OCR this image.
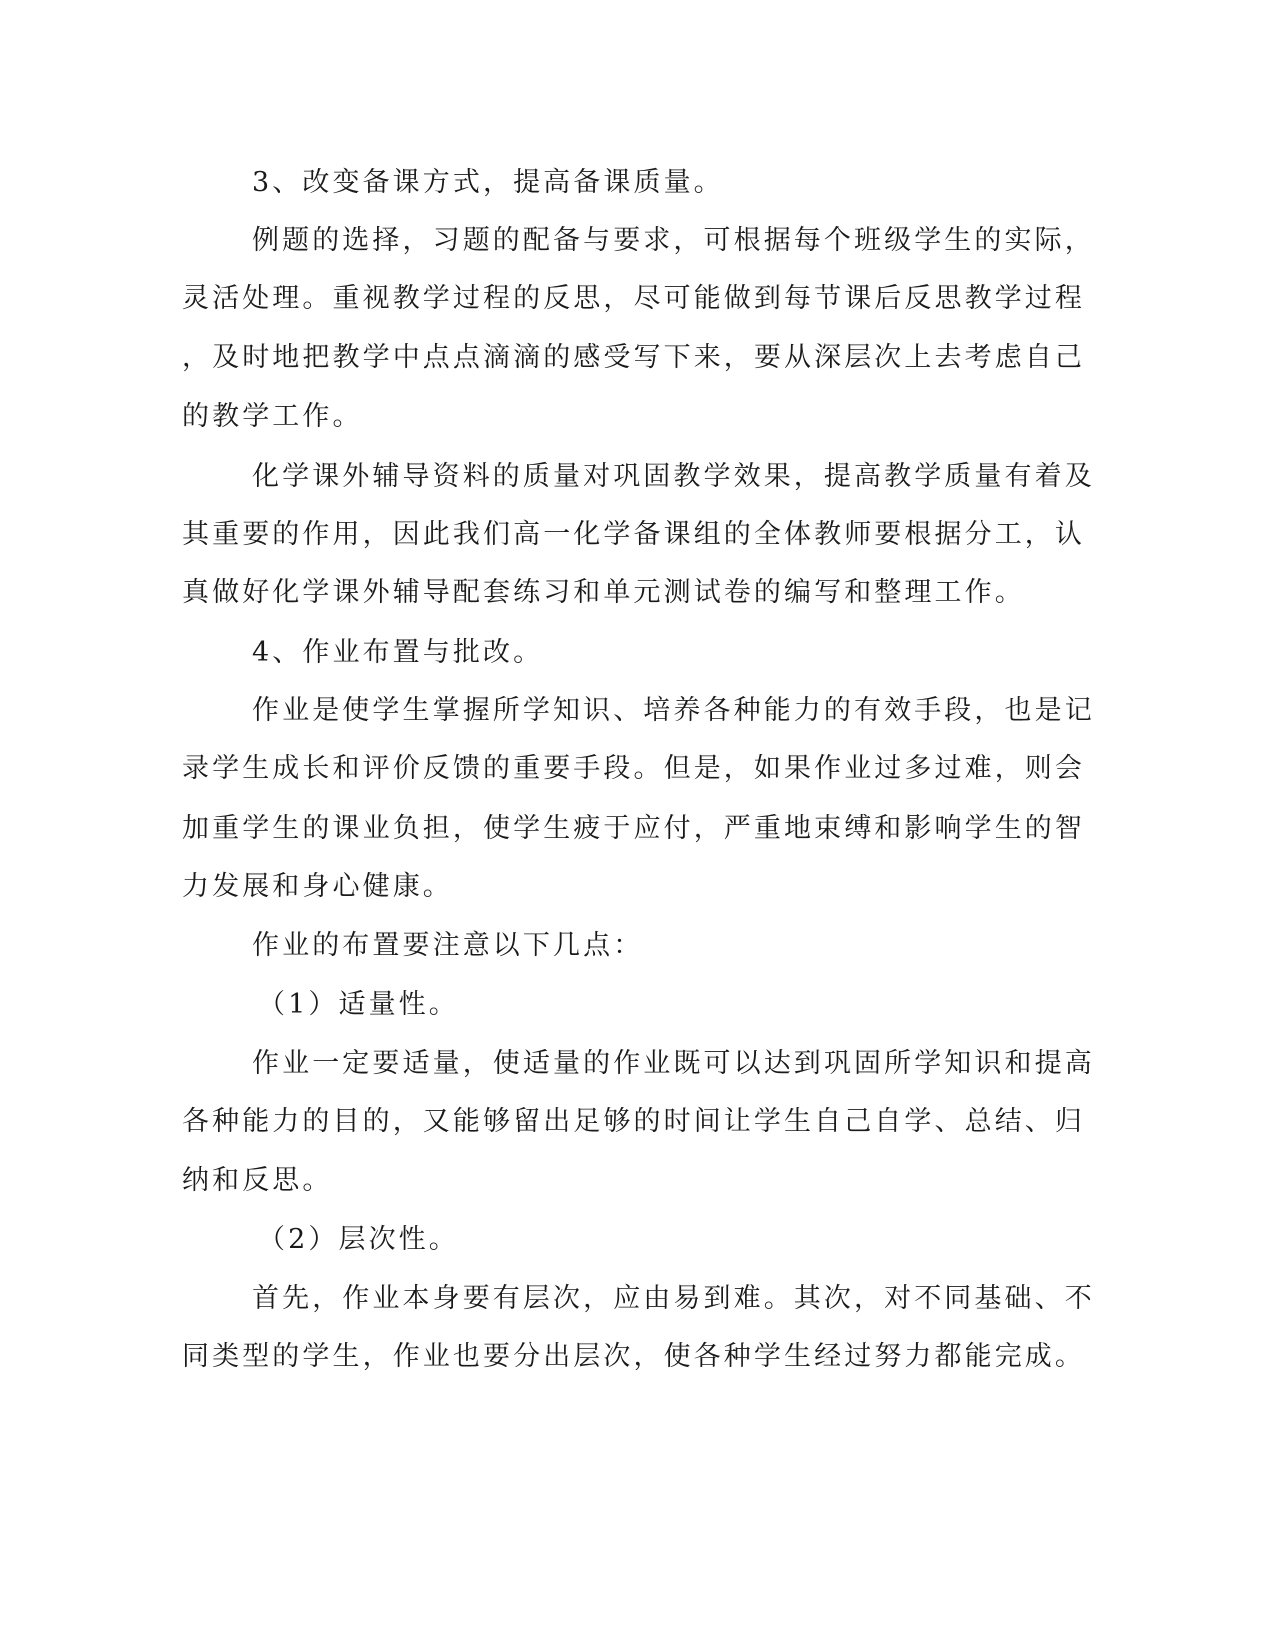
3、改变备课方式，提高备课质量。
例题的选择，习题的配备与要求，可根据每个班级学生的实际，
灵活处理。重视教学过程的反思，尽可能做到每节课后反思教学过程
，及时地把教学中点点滴滴的感受写下来，要从深层次上去考虑自己
的教学工作。
化学课外辅导资料的质量对巩固教学效果，提高教学质量有着及
其重要的作用，因此我们高一化学备课组的全体教师要根据分工，认
真做好化学课外辅导配套练习和单元测试卷的编写和整理工作。
4、作业布置与批改。
作业是使学生掌握所学知识、培养各种能力的有效手段，也是记
录学生成长和评价反馈的重要手段。但是，如果作业过多过难，则会
加重学生的课业负担，使学生疲于应付，严重地束缚和影响学生的智
力发展和身心健康。
作业的布置要注意以下几点：
（1）适量性。
作业一定要适量，使适量的作业既可以达到巩固所学知识和提高
各种能力的目的，又能够留出足够的时间让学生自己自学、总结、归
纳和反思。
（2）层次性。
首先，作业本身要有层次，应由易到难。其次，对不同基础、不
同类型的学生，作业也要分出层次，使各种学生经过努力都能完成。
